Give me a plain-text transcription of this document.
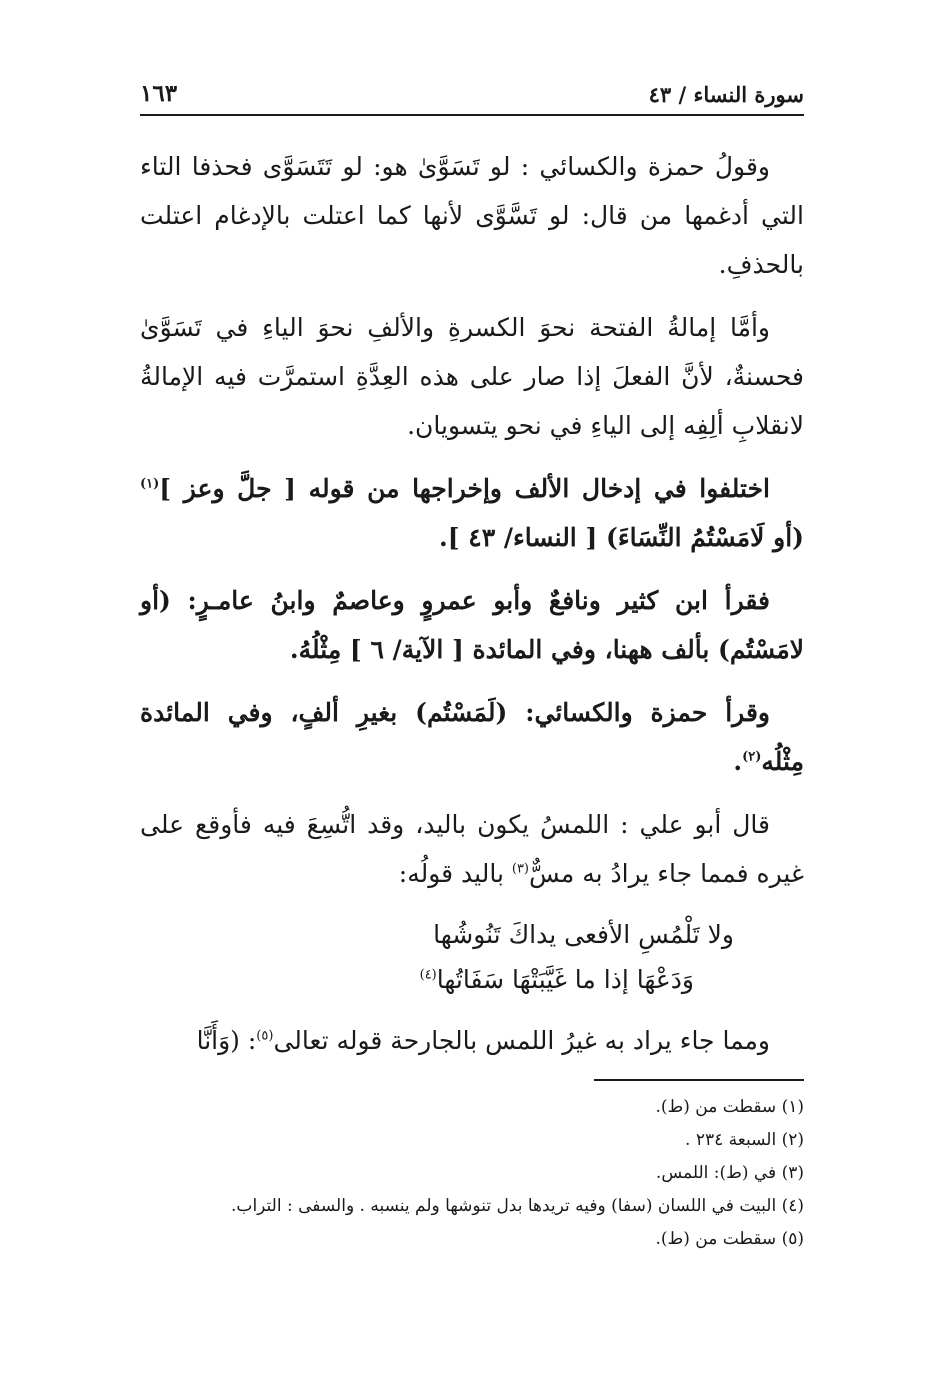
سورة النساء / ٤٣
١٦٣

وقولُ حمزة والكسائي : لو تَسَوَّىٰ هو: لو تَتَسَوَّى فحذفا التاء التي أدغمها من قال: لو تَسَّوَّى لأنها كما اعتلت بالإدغام اعتلت بالحذفِ.

وأمَّا إمالةُ الفتحة نحوَ الكسرةِ والألفِ نحوَ الياءِ في تَسَوَّىٰ فحسنةٌ، لأنَّ الفعلَ إذا صار على هذه العِدَّةِ استمرَّت فيه الإمالةُ لانقلابِ ألِفِه إلى الياءِ في نحو يتسويان.

اختلفوا في إدخال الألف وإخراجها من قوله [ جلَّ وعز ]$^{(١)}$ (أو لَامَسْتُمُ النِّسَاءَ) [ النساء/ ٤٣ ].

فقرأ ابن كثير ونافعٌ وأبو عمروٍ وعاصمٌ وابنُ عامـرٍ: (أو لامَسْتُم) بألف ههنا، وفي المائدة [ الآية/ ٦ ] مِثْلُهُ.

وقرأ حمزة والكسائي: (لَمَسْتُم) بغيرِ ألفٍ، وفي المائدة مِثْلُه$^{(٢)}$.

قال أبو علي : اللمسُ يكون باليد، وقد اتُّسِعَ فيه فأوقع على غيره فمما جاء يرادُ به مسٌّ$^{(٣)}$ باليد قولُه:

ولا تَلْمُسِ الأفعى يداكَ تَنُوشُها
وَدَعْهَا إذا ما غَيَّبَتْهَا سَفَاتُها$^{(٤)}$

ومما جاء يراد به غيرُ اللمس بالجارحة قوله تعالى$^{(٥)}$: (وَأَنَّا

(١) سقطت من (ط).

(٢) السبعة ٢٣٤ .

(٣) في (ط): اللمس.

(٤) البيت في اللسان (سفا) وفيه تريدها بدل تنوشها ولم ينسبه . والسفى : التراب.

(٥) سقطت من (ط).
